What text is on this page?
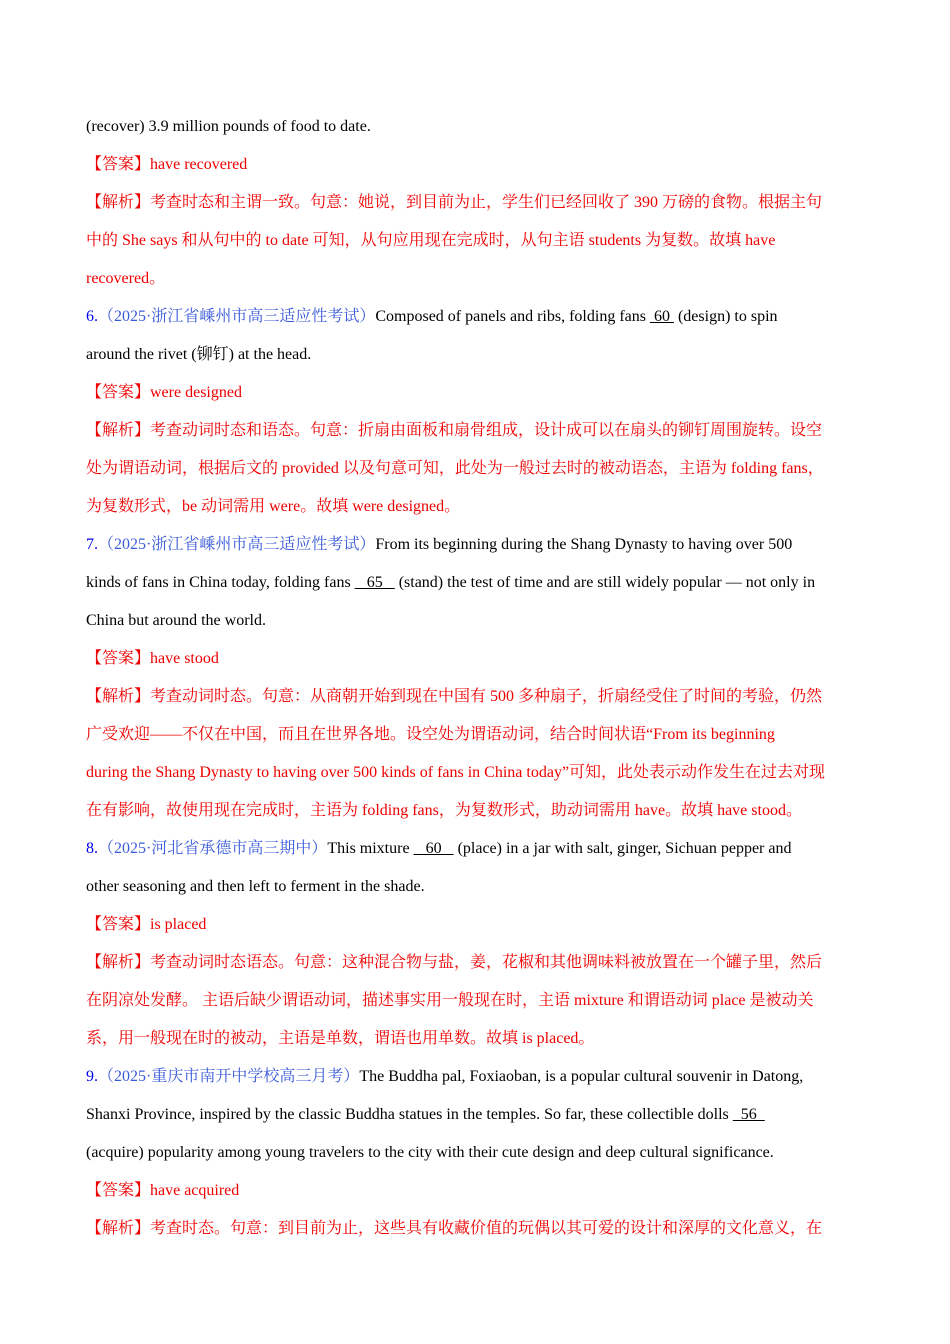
(recover) 3.9 million pounds of food to date.
【答案】have recovered
【解析】考查时态和主谓一致。句意：她说，到目前为止，学生们已经回收了 390 万磅的食物。根据主句
中的 She says 和从句中的 to date 可知，从句应用现在完成时，从句主语 students 为复数。故填 have
recovered。
6.（2025·浙江省嵊州市高三适应性考试）Composed of panels and ribs, folding fans  60  (design) to spin
around the rivet (铆钉) at the head.
【答案】were designed
【解析】考查动词时态和语态。句意：折扇由面板和扇骨组成，设计成可以在扇头的铆钉周围旋转。设空
处为谓语动词，根据后文的 provided 以及句意可知，此处为一般过去时的被动语态，主语为 folding fans，
为复数形式，be 动词需用 were。故填 were designed。
7.（2025·浙江省嵊州市高三适应性考试）From its beginning during the Shang Dynasty to having over 500
kinds of fans in China today, folding fans    65    (stand) the test of time and are still widely popular — not only in
China but around the world.
【答案】have stood
【解析】考查动词时态。句意：从商朝开始到现在中国有 500 多种扇子，折扇经受住了时间的考验，仍然
广受欢迎——不仅在中国，而且在世界各地。设空处为谓语动词，结合时间状语“From its beginning
during the Shang Dynasty to having over 500 kinds of fans in China today”可知，此处表示动作发生在过去对现
在有影响，故使用现在完成时，主语为 folding fans，为复数形式，助动词需用 have。故填 have stood。
8.（2025·河北省承德市高三期中）This mixture    60    (place) in a jar with salt, ginger, Sichuan pepper and
other seasoning and then left to ferment in the shade.
【答案】is placed
【解析】考查动词时态语态。句意：这种混合物与盐，姜，花椒和其他调味料被放置在一个罐子里，然后
在阴凉处发酵。 主语后缺少谓语动词，描述事实用一般现在时，主语 mixture 和谓语动词 place 是被动关
系，用一般现在时的被动，主语是单数，谓语也用单数。故填 is placed。
9.（2025·重庆市南开中学校高三月考）The Buddha pal, Foxiaoban, is a popular cultural souvenir in Datong,
Shanxi Province, inspired by the classic Buddha statues in the temples. So far, these collectible dolls   56
(acquire) popularity among young travelers to the city with their cute design and deep cultural significance.
【答案】have acquired
【解析】考查时态。句意：到目前为止，这些具有收藏价值的玩偶以其可爱的设计和深厚的文化意义，在
